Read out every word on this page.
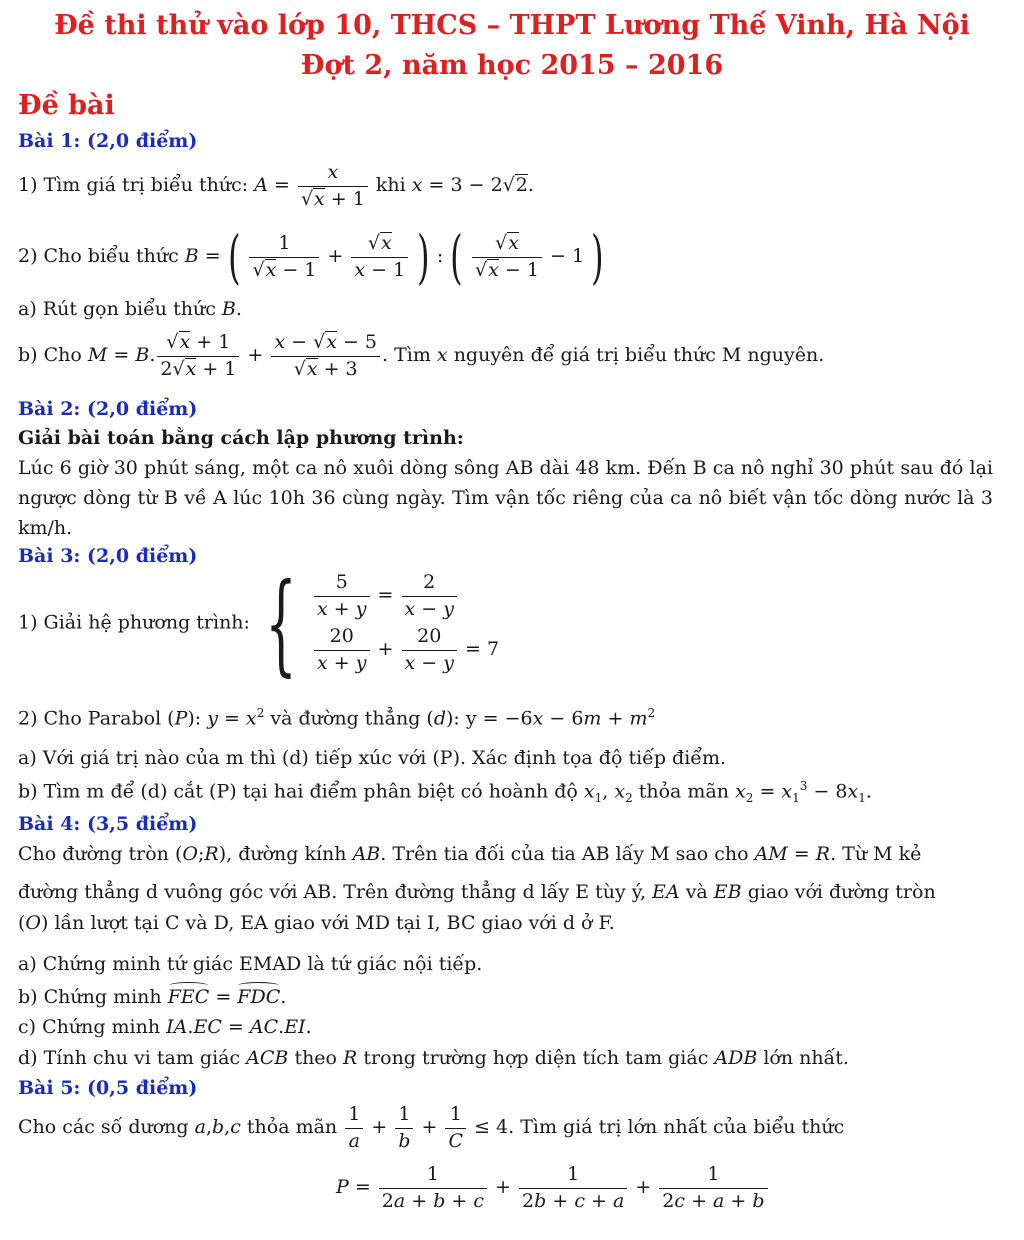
Đề thi thử vào lớp 10, THCS – THPT Lương Thế Vinh, Hà Nội
Đợt 2, năm học 2015 – 2016
Đề bài
Bài 1: (2,0 điểm)
1) Tìm giá trị biểu thức: $A = \frac{x}{√x + 1}$ khi x = 3 − 2√2.
2) Cho biểu thức B = ( $\frac{1}{√x - 1} + \frac{√x}{x - 1}$ ) : ( $\frac{√x}{√x - 1} - 1$ )
a) Rút gọn biểu thức B.
b) Cho M = B. $\frac{√x + 1}{2√x + 1} + \frac{x - √x - 5}{√x + 3}$ . Tìm x nguyên để giá trị biểu thức M nguyên.
Bài 2: (2,0 điểm)
Giải bài toán bằng cách lập phương trình:
Lúc 6 giờ 30 phút sáng, một ca nô xuôi dòng sông AB dài 48 km. Đến B ca nô nghỉ 30 phút sau đó lại ngược dòng từ B về A lúc 10h 36 cùng ngày. Tìm vận tốc riêng của ca nô biết vận tốc dòng nước là 3 km/h.
Bài 3: (2,0 điểm)
1) Giải hệ phương trình: { $\frac{5}{x + y} = \frac{2}{x - y}$
$\frac{20}{x + y} + \frac{20}{x - y} = 7$
2) Cho Parabol (P): $y = x^2$ và đường thẳng (d): $y = -6x - 6m + m^2$
a) Với giá trị nào của m thì (d) tiếp xúc với (P). Xác định tọa độ tiếp điểm.
b) Tìm m để (d) cắt (P) tại hai điểm phân biệt có hoành độ $x_1$, $x_2$ thỏa mãn $x_2 = x_1^3 - 8x_1$.
Bài 4: (3,5 điểm)
Cho đường tròn (O;R), đường kính AB. Trên tia đối của tia AB lấy M sao cho AM = R. Từ M kẻ
đường thẳng d vuông góc với AB. Trên đường thẳng d lấy E tùy ý, EA và EB giao với đường tròn
(O) lần lượt tại C và D, EA giao với MD tại I, BC giao với d ở F.
a) Chứng minh tứ giác EMAD là tứ giác nội tiếp.
b) Chứng minh FEC = FDC.
c) Chứng minh IA.EC = AC.EI.
d) Tính chu vi tam giác ACB theo R trong trường hợp diện tích tam giác ADB lớn nhất.
Bài 5: (0,5 điểm)
Cho các số dương a,b,c thỏa mãn $\frac{1}{a} + \frac{1}{b} + \frac{1}{C} \le 4$. Tìm giá trị lớn nhất của biểu thức
$P = \frac{1}{2a + b + c} + \frac{1}{2b + c + a} + \frac{1}{2c + a + b}$
